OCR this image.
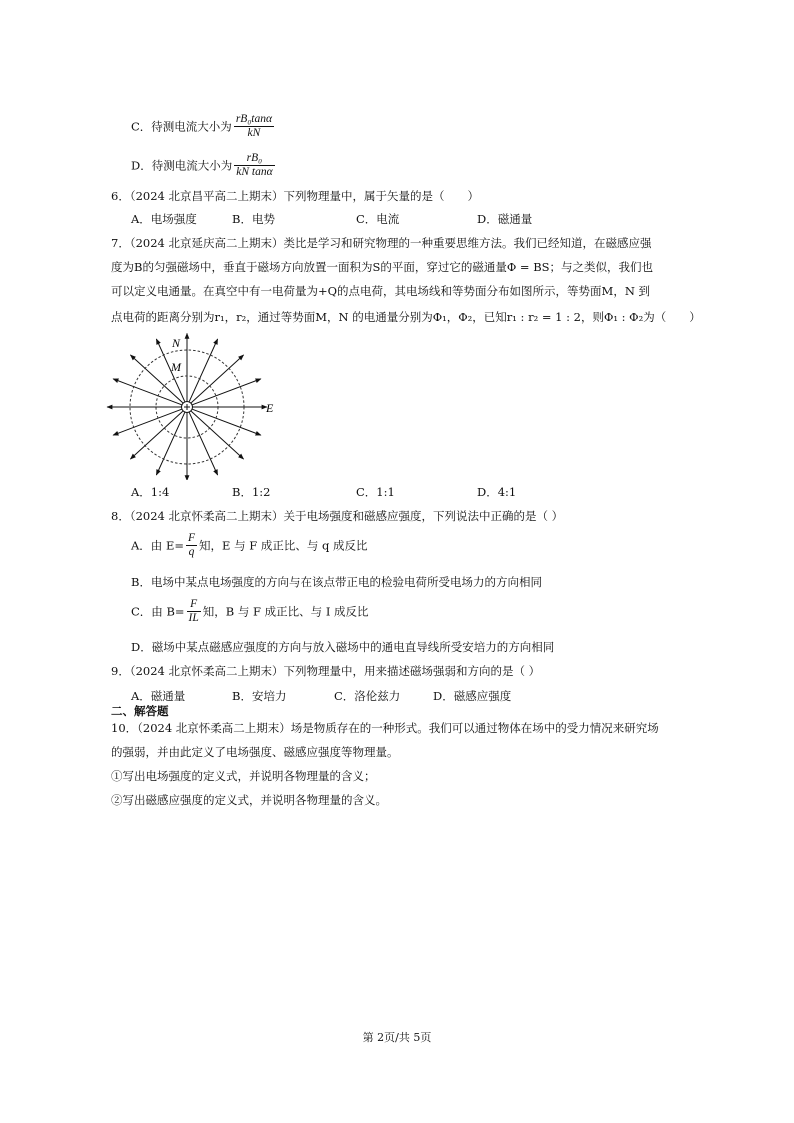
C．待测电流大小为 $\frac{\text{rB₀tanα}}{kN}$
D．待测电流大小为 $\frac{\text{rB₀}}{\text{kN tanα}}$
6．（2024 北京昌平高二上期末）下列物理量中，属于矢量的是（　　）
A．电场强度	B．电势	C．电流	D．磁通量
7．（2024 北京延庆高二上期末）类比是学习和研究物理的一种重要思维方法。我们已经知道，在磁感应强
度为B的匀强磁场中，垂直于磁场方向放置一面积为S的平面，穿过它的磁通量Φ = BS；与之类似，我们也
可以定义电通量。在真空中有一电荷量为+Q的点电荷，其电场线和等势面分布如图所示，等势面M，N 到
点电荷的距离分别为r₁，r₂，通过等势面M，N 的电通量分别为Φ₁，Φ₂，已知r₁ : r₂ = 1 : 2，则Φ₁ : Φ₂为（　　）
N
M
E
A．1:4	B．1:2	C．1:1	D．4:1
8．（2024 北京怀柔高二上期末）关于电场强度和磁感应强度，下列说法中正确的是（ ）
A．由 $E= \frac{F}{q}$ 知，E 与 F 成正比、与 q 成反比
B．电场中某点电场强度的方向与在该点带正电的检验电荷所受电场力的方向相同
C．由 $B= \frac{F}{IL}$ 知，B 与 F 成正比、与 I 成反比
D．磁场中某点磁感应强度的方向与放入磁场中的通电直导线所受安培力的方向相同
9．（2024 北京怀柔高二上期末）下列物理量中，用来描述磁场强弱和方向的是（ ）
A．磁通量	B．安培力	C．洛伦兹力	D．磁感应强度
二、解答题
10．（2024 北京怀柔高二上期末）场是物质存在的一种形式。我们可以通过物体在场中的受力情况来研究场
的强弱，并由此定义了电场强度、磁感应强度等物理量。
①写出电场强度的定义式，并说明各物理量的含义；
②写出磁感应强度的定义式，并说明各物理量的含义。
第 2页/共 5页
